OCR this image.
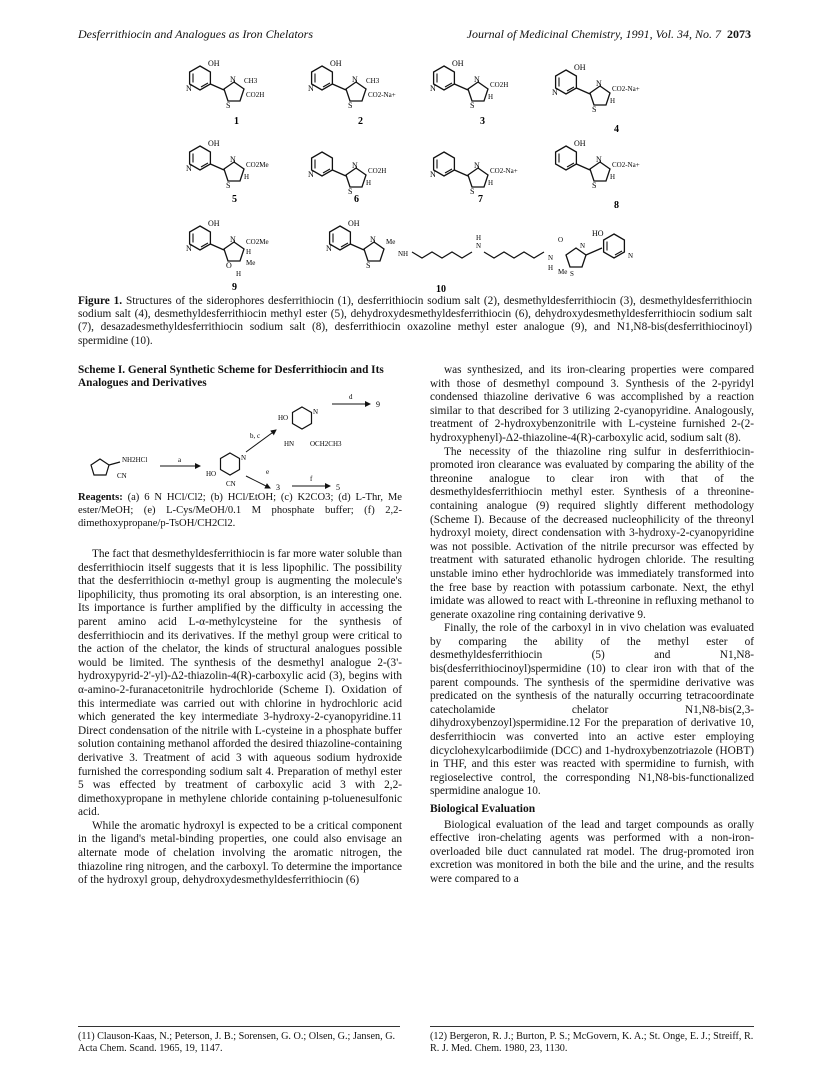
Desferrithiocin and Analogues as Iron Chelators	Journal of Medicinal Chemistry, 1991, Vol. 34, No. 7 2073
OH
N
N
S
CH3
CO2H
1
OH
N
N
S
CH3
CO2-Na+
2
OH
N
N
S
CO2H
H
3
OH
N
N
S
CO2-Na+
H
4
OH
N
N
S
CO2Me
H
5
N
N
S
CO2H
H
6
N
N
S
CO2-Na+
H
7
OH
N
S
CO2-Na+
H
8
OH
N
N
O
CO2Me
H
Me
H
9
OH
N
N
S
Me
NH
N
H
N
H
O
HO
N
S
Me
N
10
Figure 1. Structures of the siderophores desferrithiocin (1), desferrithiocin sodium salt (2), desmethyldesferrithiocin (3), desmethyldesferrithiocin sodium salt (4), desmethyldesferrithiocin methyl ester (5), dehydroxydesmethyldesferrithiocin (6), dehydroxydesmethyldesferrithiocin sodium salt (7), desazadesmethyldesferrithiocin sodium salt (8), desferrithiocin oxazoline methyl ester analogue (9), and N1,N8-bis(desferrithiocinoyl) spermidine (10).
Scheme I. General Synthetic Scheme for Desferrithiocin and Its Analogues and Derivatives
NH2HCl
CN
a	N
HO
CN
b, c
HO
N
HN OCH2CH3
d
9
e
3
f
5
Reagents: (a) 6 N HCl/Cl2; (b) HCl/EtOH; (c) K2CO3; (d) L-Thr, Me ester/MeOH; (e) L-Cys/MeOH/0.1 M phosphate buffer; (f) 2,2-dimethoxypropane/p-TsOH/CH2Cl2.

The fact that desmethyldesferrithiocin is far more water soluble than desferrithiocin itself suggests that it is less lipophilic. The possibility that the desferrithiocin α-methyl group is augmenting the molecule's lipophilicity, thus promoting its oral absorption, is an interesting one. Its importance is further amplified by the difficulty in accessing the parent amino acid L-α-methylcysteine for the synthesis of desferrithiocin and its derivatives. If the methyl group were critical to the action of the chelator, the kinds of structural analogues possible would be limited. The synthesis of the desmethyl analogue 2-(3'-hydroxypyrid-2'-yl)-Δ2-thiazolin-4(R)-carboxylic acid (3), begins with α-amino-2-furanacetonitrile hydrochloride (Scheme I). Oxidation of this intermediate was carried out with chlorine in hydrochloric acid which generated the key intermediate 3-hydroxy-2-cyanopyridine.11 Direct condensation of the nitrile with L-cysteine in a phosphate buffer solution containing methanol afforded the desired thiazoline-containing derivative 3. Treatment of acid 3 with aqueous sodium hydroxide furnished the corresponding sodium salt 4. Preparation of methyl ester 5 was effected by treatment of carboxylic acid 3 with 2,2-dimethoxypropane in methylene chloride containing p-toluenesulfonic acid.

While the aromatic hydroxyl is expected to be a critical component in the ligand's metal-binding properties, one could also envisage an alternate mode of chelation involving the aromatic nitrogen, the thiazoline ring nitrogen, and the carboxyl. To determine the importance of the hydroxyl group, dehydroxydesmethyldesferrithiocin (6)

was synthesized, and its iron-clearing properties were compared with those of desmethyl compound 3. Synthesis of the 2-pyridyl condensed thiazoline derivative 6 was accomplished by a reaction similar to that described for 3 utilizing 2-cyanopyridine. Analogously, treatment of 2-hydroxybenzonitrile with L-cysteine furnished 2-(2-hydroxyphenyl)-Δ2-thiazoline-4(R)-carboxylic acid, sodium salt (8).

The necessity of the thiazoline ring sulfur in desferrithiocin-promoted iron clearance was evaluated by comparing the ability of the threonine analogue to clear iron with that of the desmethyldesferrithiocin methyl ester. Synthesis of a threonine-containing analogue (9) required slightly different methodology (Scheme I). Because of the decreased nucleophilicity of the threonyl hydroxyl moiety, direct condensation with 3-hydroxy-2-cyanopyridine was not possible. Activation of the nitrile precursor was effected by treatment with saturated ethanolic hydrogen chloride. The resulting unstable imino ether hydrochloride was immediately transformed into the free base by reaction with potassium carbonate. Next, the ethyl imidate was allowed to react with L-threonine in refluxing methanol to generate oxazoline ring containing derivative 9.

Finally, the role of the carboxyl in in vivo chelation was evaluated by comparing the ability of the methyl ester of desmethyldesferrithiocin (5) and N1,N8-bis(desferrithiocinoyl)spermidine (10) to clear iron with that of the parent compounds. The synthesis of the spermidine derivative was predicated on the synthesis of the naturally occurring tetracoordinate catecholamide chelator N1,N8-bis(2,3-dihydroxybenzoyl)spermidine.12 For the preparation of derivative 10, desferrithiocin was converted into an active ester employing dicyclohexylcarbodiimide (DCC) and 1-hydroxybenzotriazole (HOBT) in THF, and this ester was reacted with spermidine to furnish, with regioselective control, the corresponding N1,N8-bis-functionalized spermidine analogue 10.

Biological Evaluation

Biological evaluation of the lead and target compounds as orally effective iron-chelating agents was performed with a non-iron-overloaded bile duct cannulated rat model. The drug-promoted iron excretion was monitored in both the bile and the urine, and the results were compared to a

(11) Clauson-Kaas, N.; Peterson, J. B.; Sorensen, G. O.; Olsen, G.; Jansen, G. Acta Chem. Scand. 1965, 19, 1147.
(12) Bergeron, R. J.; Burton, P. S.; McGovern, K. A.; St. Onge, E. J.; Streiff, R. R. J. Med. Chem. 1980, 23, 1130.
